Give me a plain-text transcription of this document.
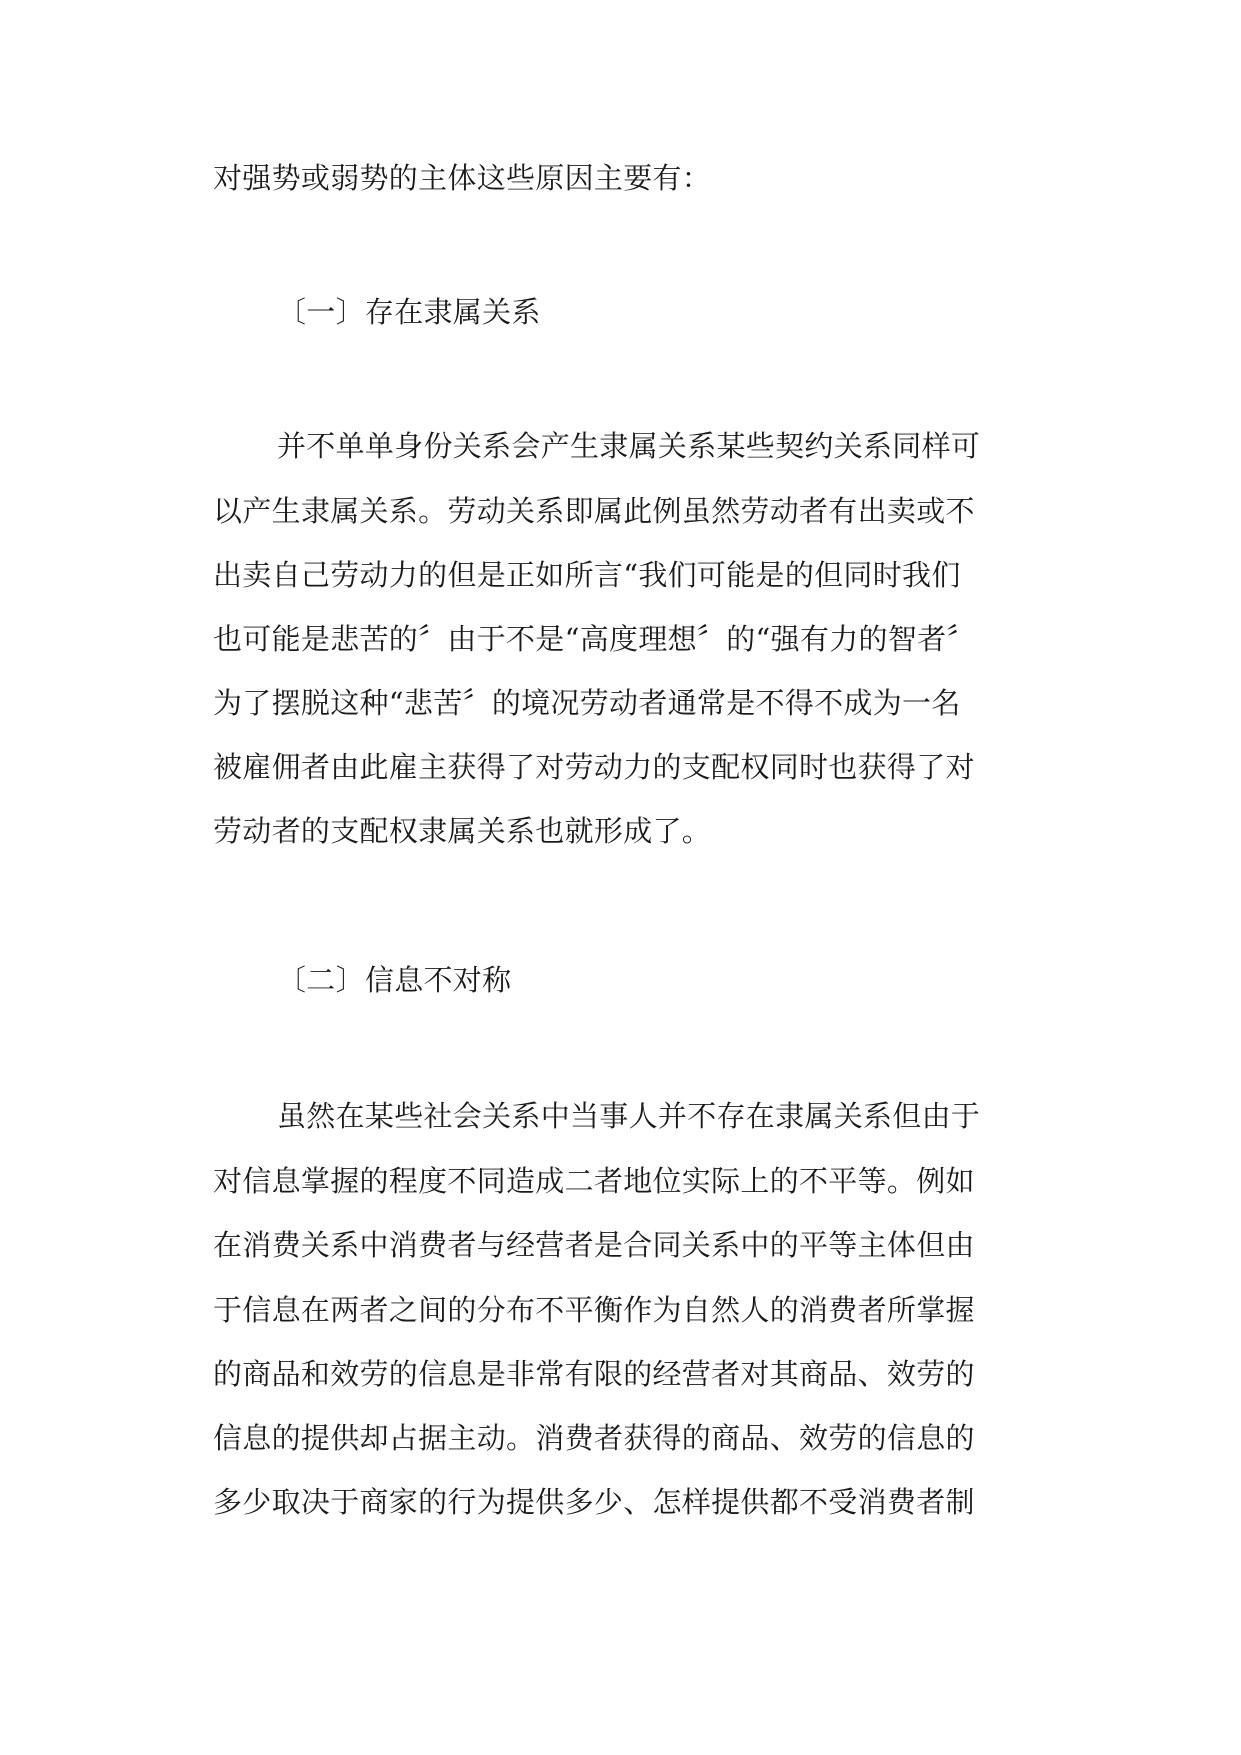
对强势或弱势的主体这些原因主要有：
〔一〕存在隶属关系
并不单单身份关系会产生隶属关系某些契约关系同样可
以产生隶属关系。劳动关系即属此例虽然劳动者有出卖或不
出卖自己劳动力的但是正如所言“我们可能是的但同时我们
也可能是悲苦的〞由于不是“高度理想〞的“强有力的智者〞
为了摆脱这种“悲苦〞的境况劳动者通常是不得不成为一名
被雇佣者由此雇主获得了对劳动力的支配权同时也获得了对
劳动者的支配权隶属关系也就形成了。
〔二〕信息不对称
虽然在某些社会关系中当事人并不存在隶属关系但由于
对信息掌握的程度不同造成二者地位实际上的不平等。例如
在消费关系中消费者与经营者是合同关系中的平等主体但由
于信息在两者之间的分布不平衡作为自然人的消费者所掌握
的商品和效劳的信息是非常有限的经营者对其商品、效劳的
信息的提供却占据主动。消费者获得的商品、效劳的信息的
多少取决于商家的行为提供多少、怎样提供都不受消费者制
